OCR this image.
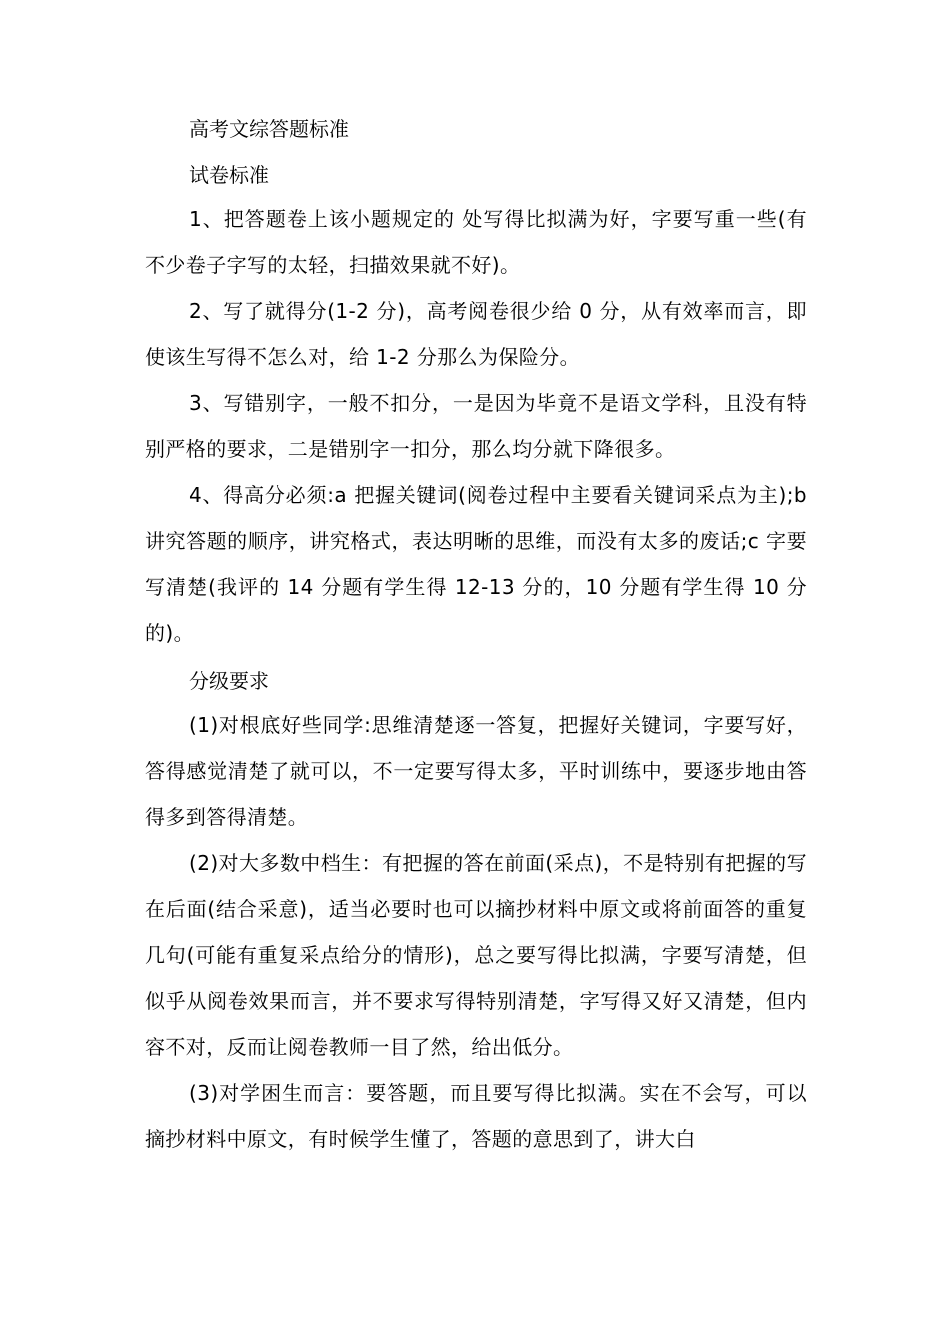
高考文综答题标准

试卷标准

1、把答题卷上该小题规定的 处写得比拟满为好，字要写重一些(有不少卷子字写的太轻，扫描效果就不好)。

2、写了就得分(1-2 分)，高考阅卷很少给 0 分，从有效率而言，即使该生写得不怎么对，给 1-2 分那么为保险分。

3、写错别字，一般不扣分，一是因为毕竟不是语文学科，且没有特别严格的要求，二是错别字一扣分，那么均分就下降很多。

4、得高分必须:a 把握关键词(阅卷过程中主要看关键词采点为主);b 讲究答题的顺序，讲究格式，表达明晰的思维，而没有太多的废话;c 字要写清楚(我评的 14 分题有学生得 12-13 分的，10 分题有学生得 10 分的)。

分级要求

(1)对根底好些同学:思维清楚逐一答复，把握好关键词，字要写好，答得感觉清楚了就可以，不一定要写得太多，平时训练中，要逐步地由答得多到答得清楚。

(2)对大多数中档生：有把握的答在前面(采点)，不是特别有把握的写在后面(结合采意)，适当必要时也可以摘抄材料中原文或将前面答的重复几句(可能有重复采点给分的情形)，总之要写得比拟满，字要写清楚，但似乎从阅卷效果而言，并不要求写得特别清楚，字写得又好又清楚，但内容不对，反而让阅卷教师一目了然，给出低分。

(3)对学困生而言：要答题，而且要写得比拟满。实在不会写，可以摘抄材料中原文，有时候学生懂了，答题的意思到了，讲大白
